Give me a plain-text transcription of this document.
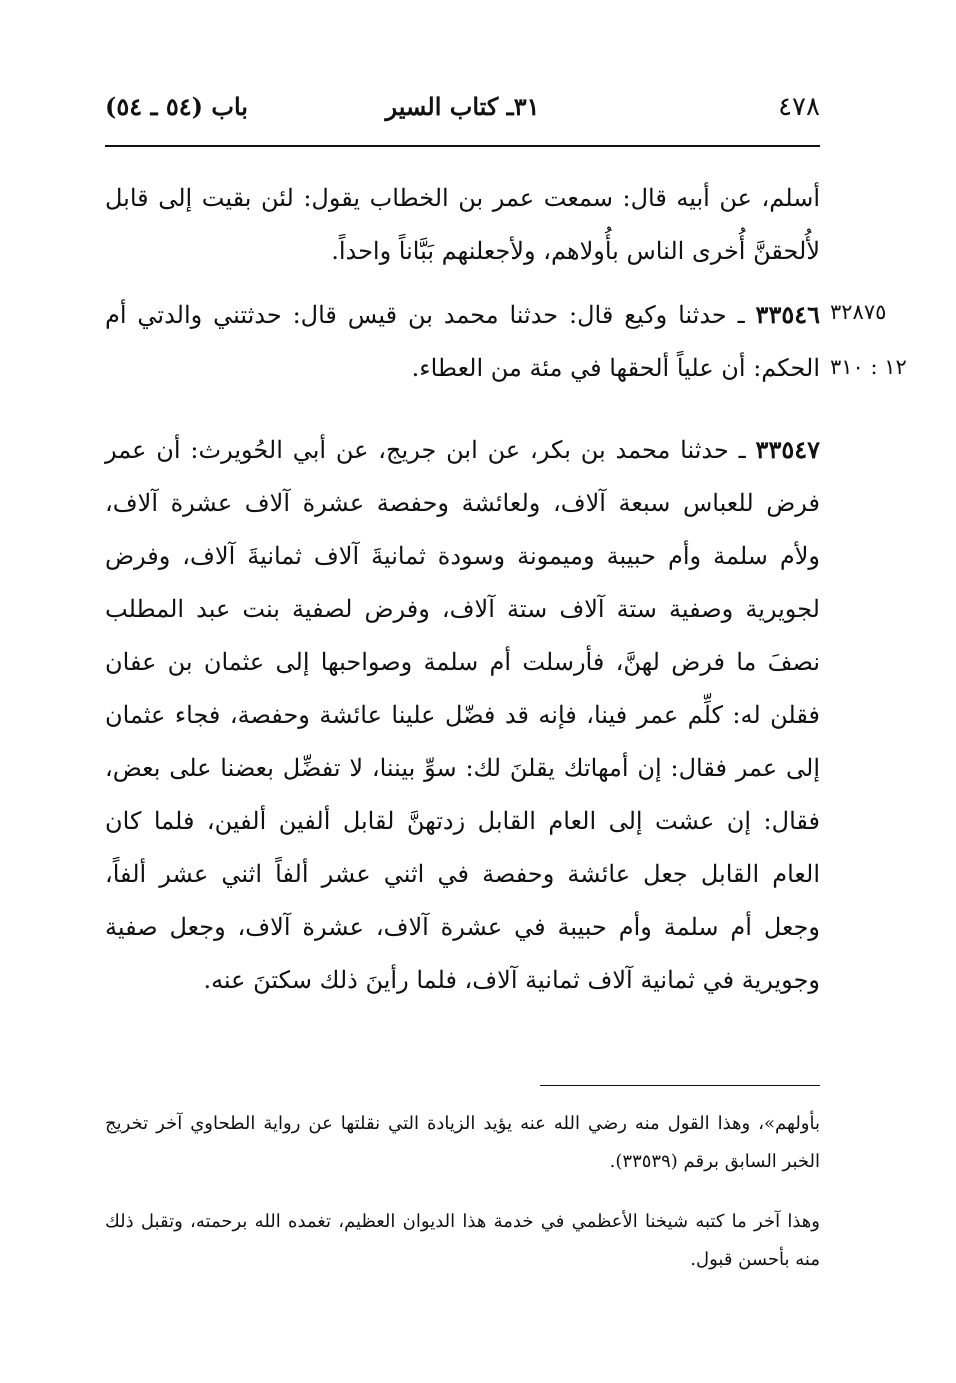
٤٧٨
٣١ـ كتاب السير
باب (٥٤ ـ ٥٤)
أسلم، عن أبيه قال: سمعت عمر بن الخطاب يقول: لئن بقيت إلى قابل لأُلحقنَّ أُخرى الناس بأُولاهم، ولأجعلنهم بَبَّاناً واحداً.
٣٣٥٤٦ ـ حدثنا وكيع قال: حدثنا محمد بن قيس قال: حدثتني والدتي أم الحكم: أن علياً ألحقها في مئة من العطاء.
٣٢٨٧٥
١٢ : ٣١٠
٣٣٥٤٧ ـ حدثنا محمد بن بكر، عن ابن جريج، عن أبي الحُويرث: أن عمر فرض للعباس سبعة آلاف، ولعائشة وحفصة عشرة آلاف عشرة آلاف، ولأم سلمة وأم حبيبة وميمونة وسودة ثمانيةَ آلاف ثمانيةَ آلاف، وفرض لجويرية وصفية ستة آلاف ستة آلاف، وفرض لصفية بنت عبد المطلب نصفَ ما فرض لهنَّ، فأرسلت أم سلمة وصواحبها إلى عثمان بن عفان فقلن له: كلِّم عمر فينا، فإنه قد فضّل علينا عائشة وحفصة، فجاء عثمان إلى عمر فقال: إن أمهاتك يقلنَ لك: سوِّ بيننا، لا تفضِّل بعضنا على بعض، فقال: إن عشت إلى العام القابل زدتهنَّ لقابل ألفين ألفين، فلما كان العام القابل جعل عائشة وحفصة في اثني عشر ألفاً اثني عشر ألفاً، وجعل أم سلمة وأم حبيبة في عشرة آلاف، عشرة آلاف، وجعل صفية وجويرية في ثمانية آلاف ثمانية آلاف، فلما رأينَ ذلك سكتنَ عنه.
بأولهم»، وهذا القول منه رضي الله عنه يؤيد الزيادة التي نقلتها عن رواية الطحاوي آخر تخريج الخبر السابق برقم (٣٣٥٣٩).
وهذا آخر ما كتبه شيخنا الأعظمي في خدمة هذا الديوان العظيم، تغمده الله برحمته، وتقبل ذلك منه بأحسن قبول.
